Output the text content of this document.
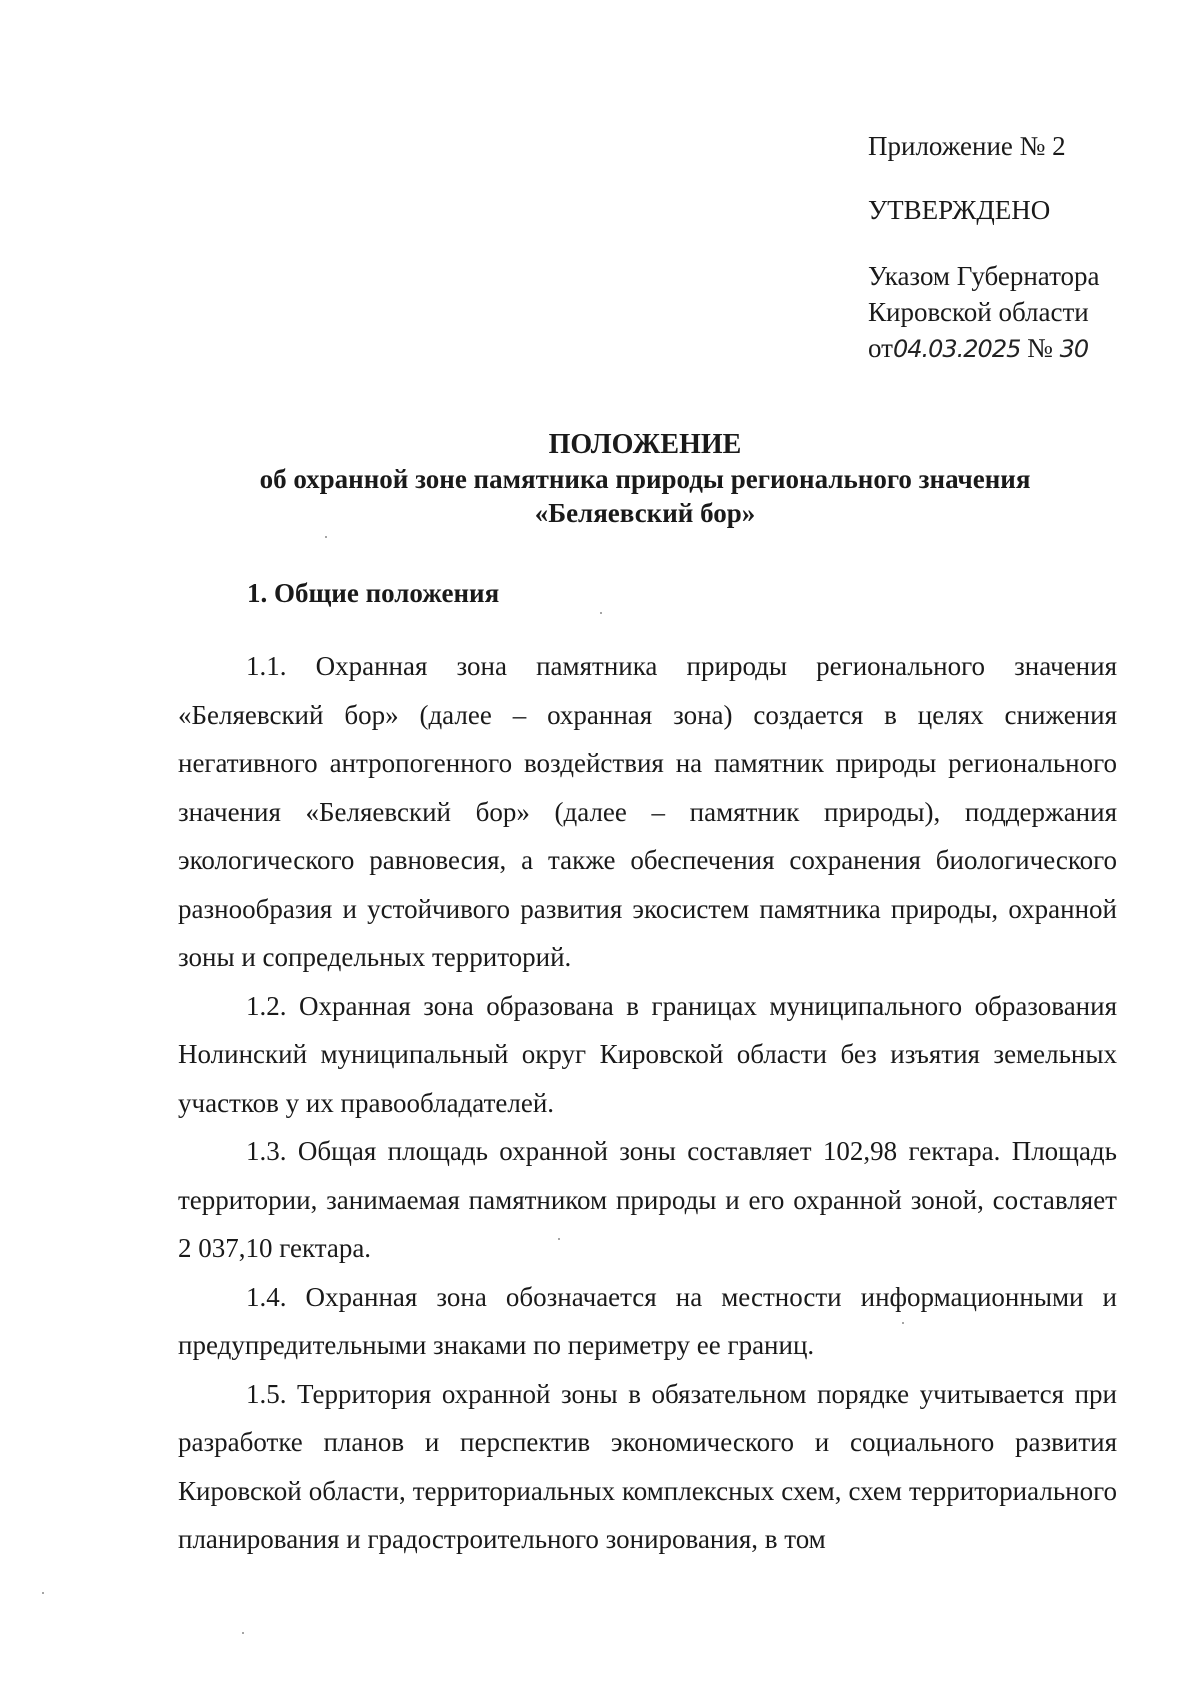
Приложение № 2
УТВЕРЖДЕНО
Указом Губернатора
Кировской области
от04.03.2025 № 30
ПОЛОЖЕНИЕ
об охранной зоне памятника природы регионального значения
«Беляевский бор»
1. Общие положения

1.1. Охранная зона памятника природы регионального значения «Беляевский бор» (далее – охранная зона) создается в целях снижения негативного антропогенного воздействия на памятник природы регионального значения «Беляевский бор» (далее – памятник природы), поддержания экологического равновесия, а также обеспечения сохранения биологического разнообразия и устойчивого развития экосистем памятника природы, охранной зоны и сопредельных территорий.

1.2. Охранная зона образована в границах муниципального образования Нолинский муниципальный округ Кировской области без изъятия земельных участков у их правообладателей.

1.3. Общая площадь охранной зоны составляет 102,98 гектара. Площадь территории, занимаемая памятником природы и его охранной зоной, составляет 2 037,10 гектара.

1.4. Охранная зона обозначается на местности информационными и предупредительными знаками по периметру ее границ.

1.5. Территория охранной зоны в обязательном порядке учитывается при разработке планов и перспектив экономического и социального развития Кировской области, территориальных комплексных схем, схем территориального планирования и градостроительного зонирования, в том
